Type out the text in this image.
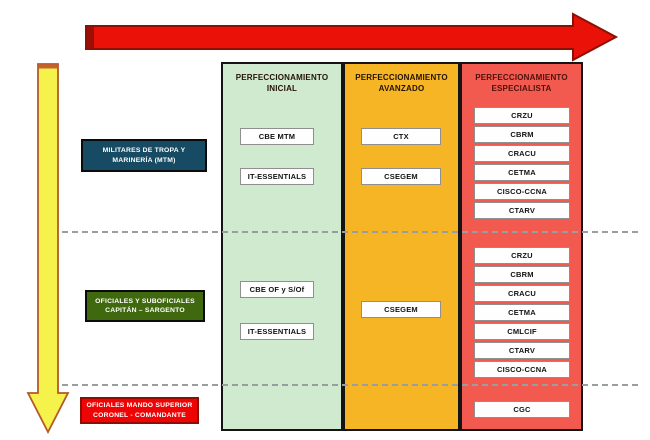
PERFECCIONAMIENTO INICIAL
PERFECCIONAMIENTO AVANZADO
PERFECCIONAMIENTO ESPECIALISTA
MILITARES DE TROPA Y
MARINERÍA (MTM)
OFICIALES Y SUBOFICIALES
CAPITÁN – SARGENTO
OFICIALES MANDO SUPERIOR
CORONEL - COMANDANTE
CBE MTM
IT-ESSENTIALS
CTX
CSEGEM
CRZU
CBRM
CRACU
CETMA
CISCO-CCNA
CTARV
CBE OF y S/Of
IT-ESSENTIALS
CSEGEM
CRZU
CBRM
CRACU
CETMA
CMLCIF
CTARV
CISCO-CCNA
CGC
